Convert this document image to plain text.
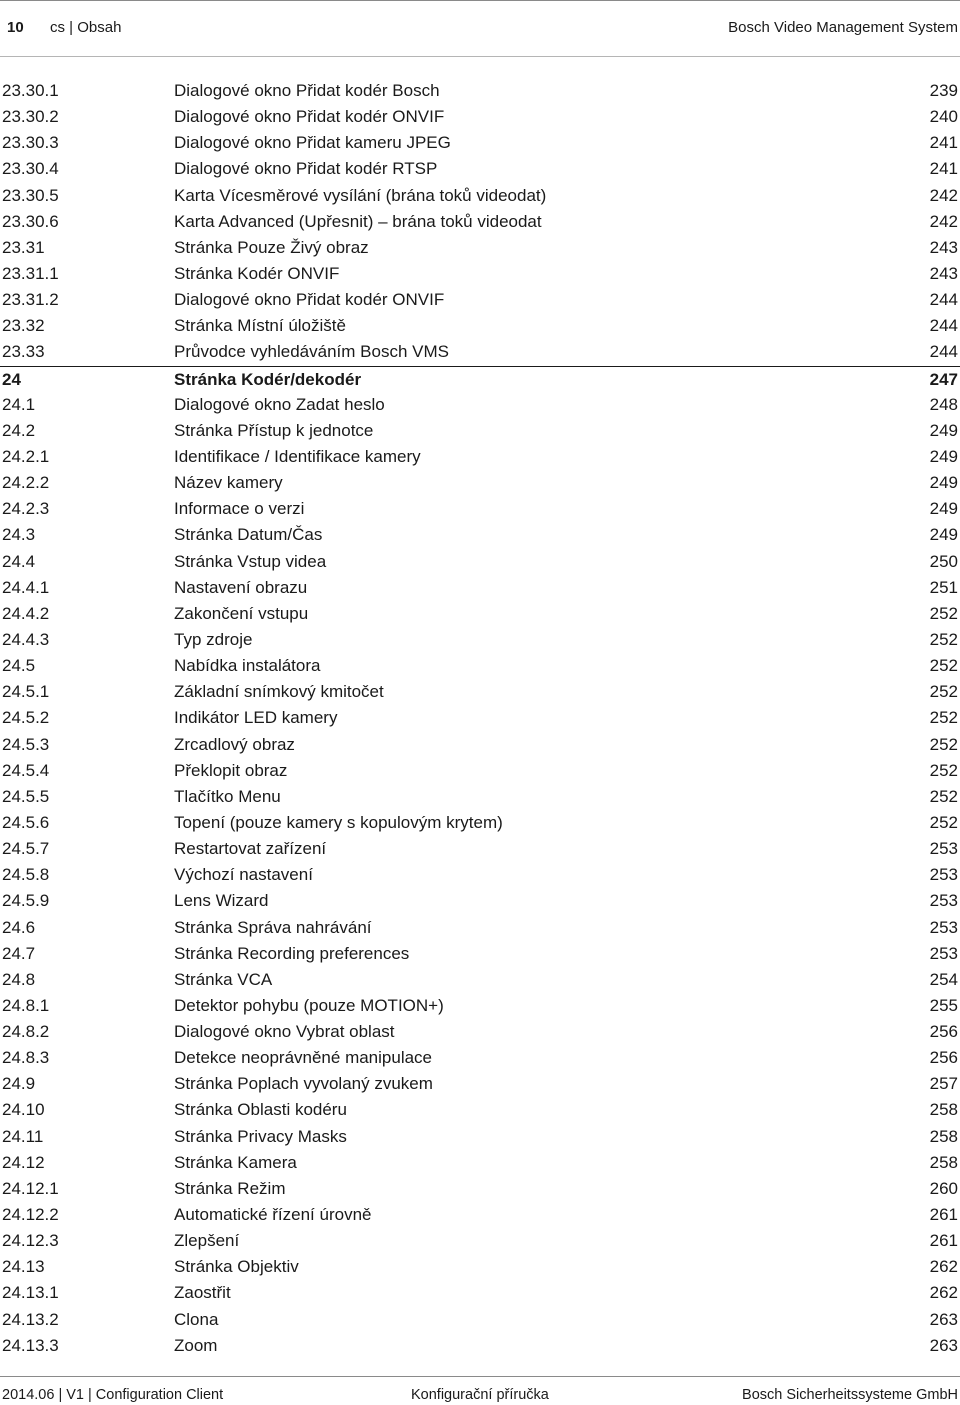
10 cs | Obsah	Bosch Video Management System
23.30.1	Dialogové okno Přidat kodér Bosch	239
23.30.2	Dialogové okno Přidat kodér ONVIF	240
23.30.3	Dialogové okno Přidat kameru JPEG	241
23.30.4	Dialogové okno Přidat kodér RTSP	241
23.30.5	Karta Vícesměrové vysílání (brána toků videodat)	242
23.30.6	Karta Advanced (Upřesnit) – brána toků videodat	242
23.31	Stránka Pouze Živý obraz	243
23.31.1	Stránka Kodér ONVIF	243
23.31.2	Dialogové okno Přidat kodér ONVIF	244
23.32	Stránka Místní úložiště	244
23.33	Průvodce vyhledáváním Bosch VMS	244
24	Stránka Kodér/dekodér	247
24.1	Dialogové okno Zadat heslo	248
24.2	Stránka Přístup k jednotce	249
24.2.1	Identifikace / Identifikace kamery	249
24.2.2	Název kamery	249
24.2.3	Informace o verzi	249
24.3	Stránka Datum/Čas	249
24.4	Stránka Vstup videa	250
24.4.1	Nastavení obrazu	251
24.4.2	Zakončení vstupu	252
24.4.3	Typ zdroje	252
24.5	Nabídka instalátora	252
24.5.1	Základní snímkový kmitočet	252
24.5.2	Indikátor LED kamery	252
24.5.3	Zrcadlový obraz	252
24.5.4	Překlopit obraz	252
24.5.5	Tlačítko Menu	252
24.5.6	Topení (pouze kamery s kopulovým krytem)	252
24.5.7	Restartovat zařízení	253
24.5.8	Výchozí nastavení	253
24.5.9	Lens Wizard	253
24.6	Stránka Správa nahrávání	253
24.7	Stránka Recording preferences	253
24.8	Stránka VCA	254
24.8.1	Detektor pohybu (pouze MOTION+)	255
24.8.2	Dialogové okno Vybrat oblast	256
24.8.3	Detekce neoprávněné manipulace	256
24.9	Stránka Poplach vyvolaný zvukem	257
24.10	Stránka Oblasti kodéru	258
24.11	Stránka Privacy Masks	258
24.12	Stránka Kamera	258
24.12.1	Stránka Režim	260
24.12.2	Automatické řízení úrovně	261
24.12.3	Zlepšení	261
24.13	Stránka Objektiv	262
24.13.1	Zaostřit	262
24.13.2	Clona	263
24.13.3	Zoom	263
2014.06 | V1 | Configuration Client	Konfigurační příručka	Bosch Sicherheitssysteme GmbH
